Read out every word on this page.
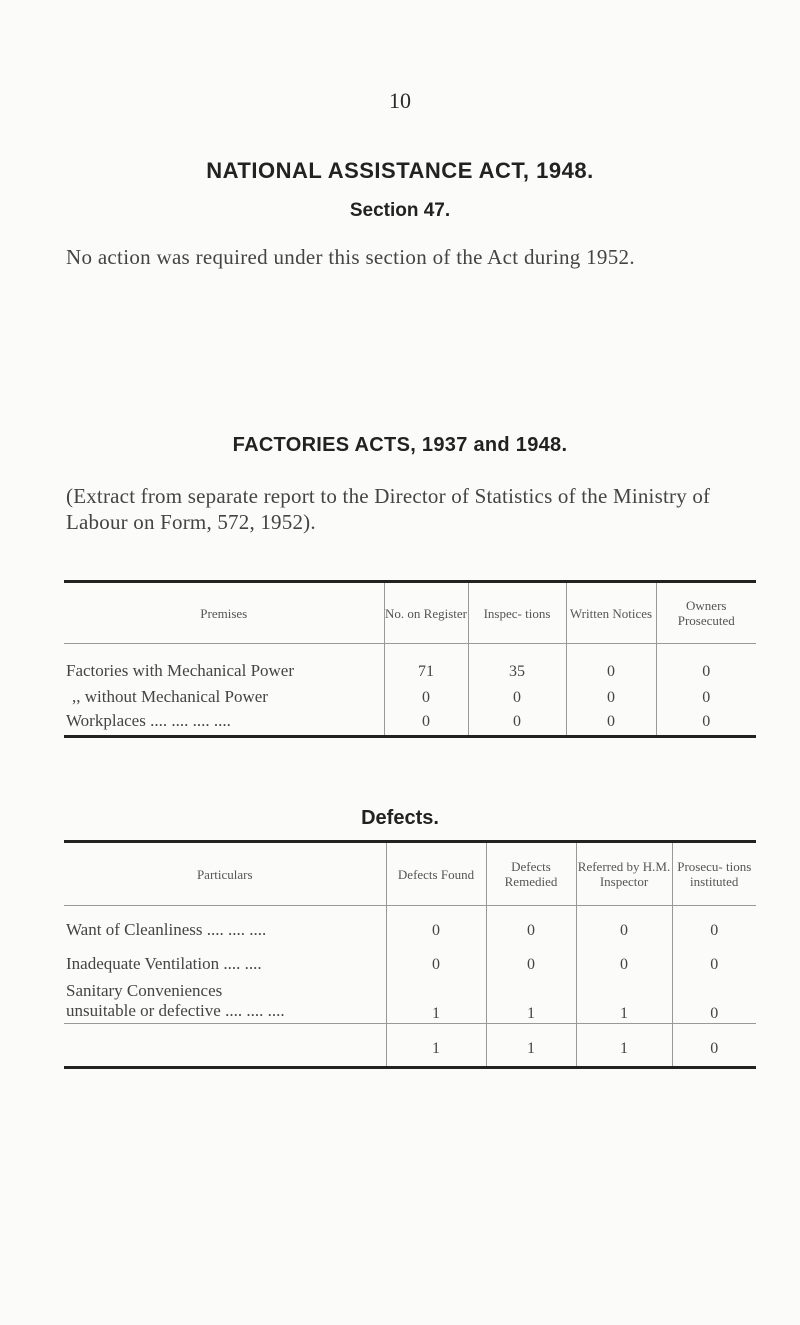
10
NATIONAL ASSISTANCE ACT, 1948.
Section 47.
No action was required under this section of the Act during 1952.
FACTORIES ACTS, 1937 and 1948.
(Extract from separate report to the Director of Statistics of the Ministry of Labour on Form, 572, 1952).
Premises	No. on Register	Inspec- tions	Written Notices	Owners Prosecuted
Factories with Mechanical Power	71	35	0	0
,, without Mechanical Power	0	0	0	0
Workplaces .... .... .... ....	0	0	0	0
Defects.
Particulars	Defects Found	Defects Remedied	Referred by H.M. Inspector	Prosecu- tions instituted
Want of Cleanliness .... .... ....	0	0	0	0
Inadequate Ventilation .... ....	0	0	0	0
Sanitary Conveniences unsuitable or defective .... .... ....	1	1	1	0
	1	1	1	0
